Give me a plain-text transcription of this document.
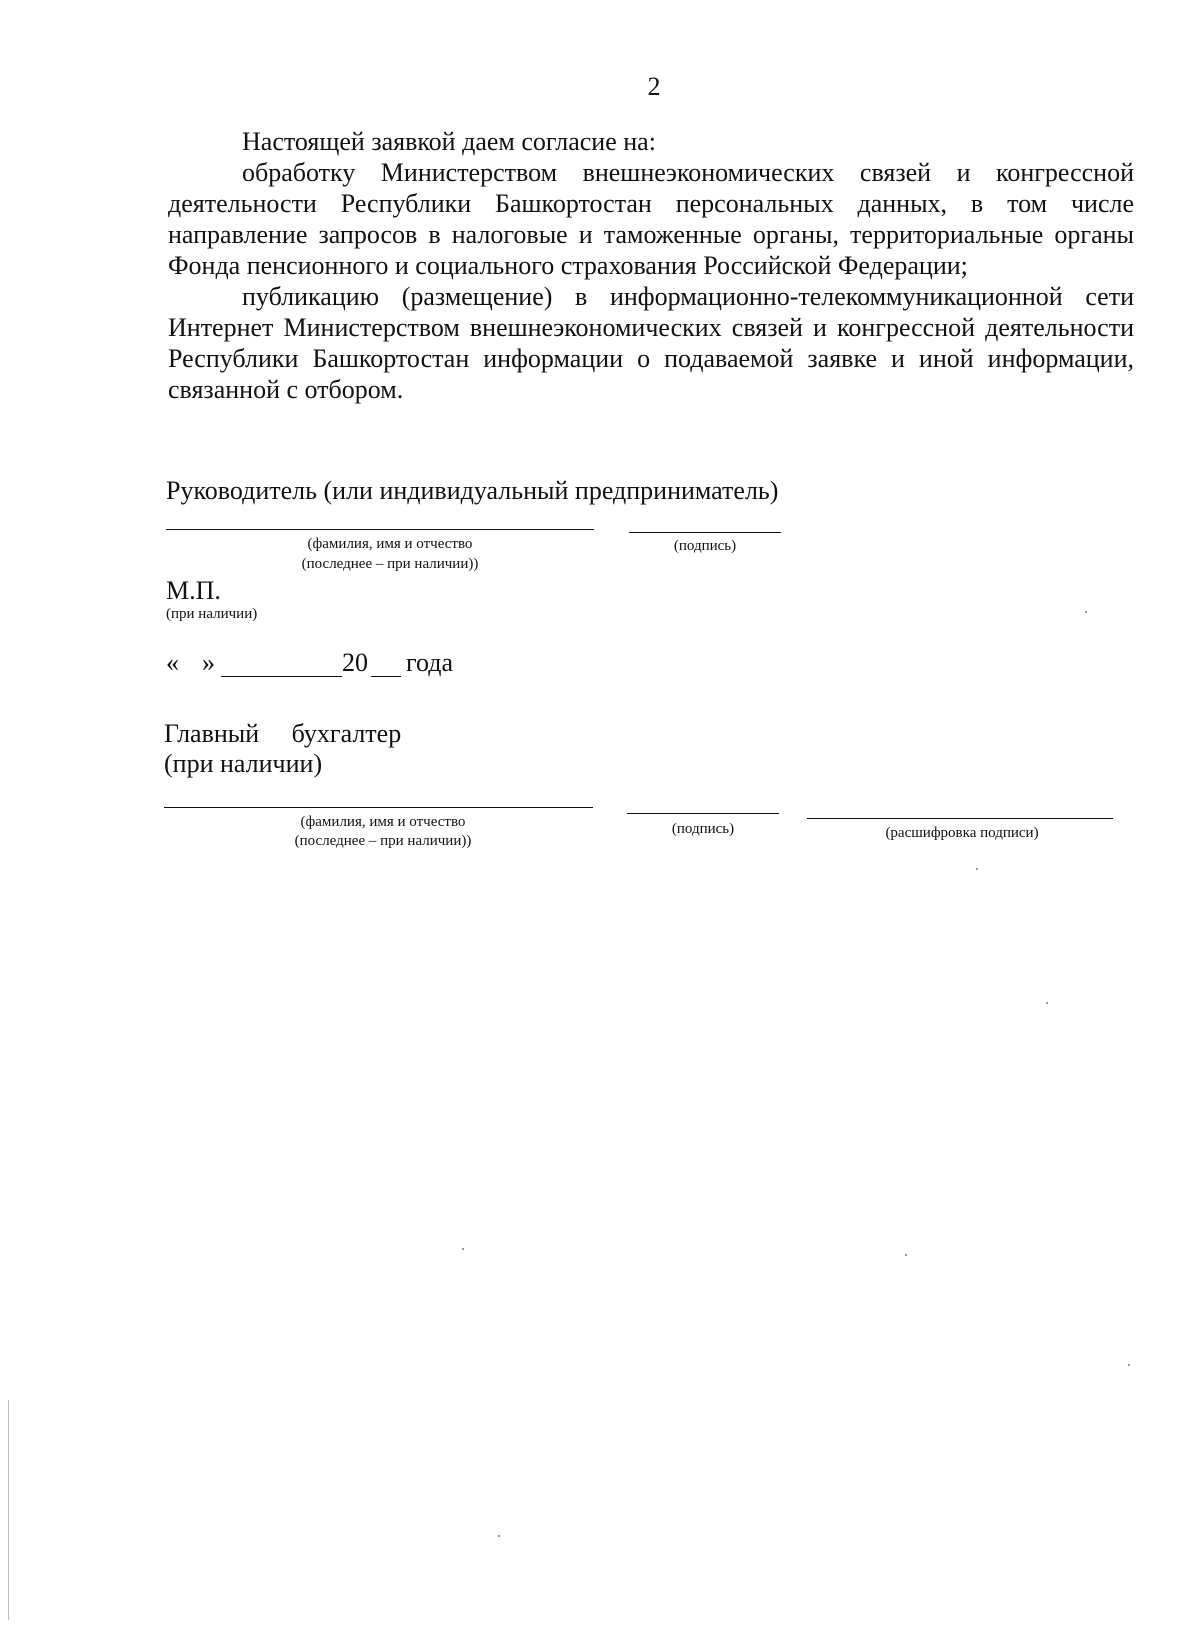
2

Настоящей заявкой даем согласие на:

обработку Министерством внешнеэкономических связей и конгрессной деятельности Республики Башкортостан персональных данных, в том числе направление запросов в налоговые и таможенные органы, территориальные органы Фонда пенсионного и социального страхования Российской Федерации;

публикацию (размещение) в информационно-телекоммуникационной сети Интернет Министерством внешнеэкономических связей и конгрессной деятельности Республики Башкортостан информации о подаваемой заявке и иной информации, связанной с отбором.

Руководитель (или индивидуальный предприниматель)
(фамилия, имя и отчество
(последнее – при наличии))
(подпись)
М.П.
(при наличии)
« »	20 года
Главный бухгалтер
(при наличии)
(фамилия, имя и отчество
(последнее – при наличии))
(подпись)	(расшифровка подписи)
